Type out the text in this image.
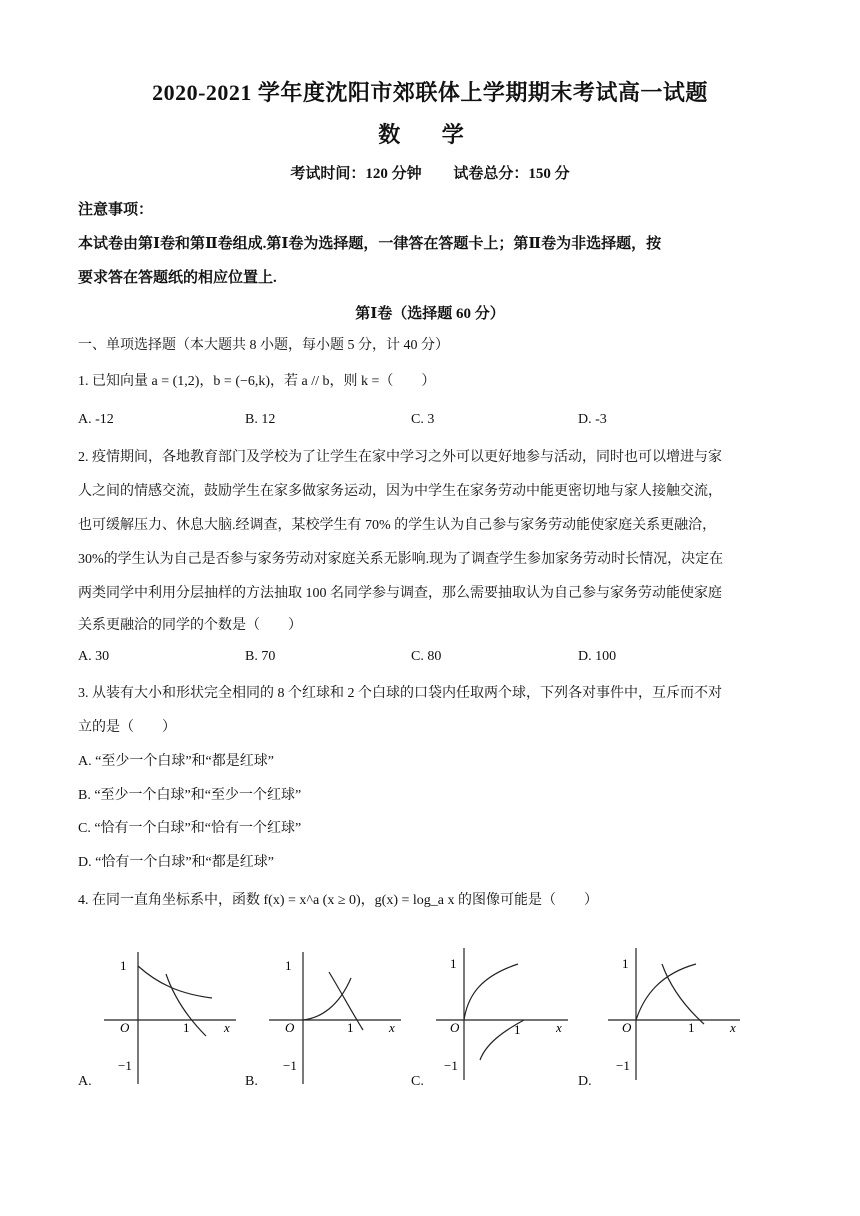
2020-2021 学年度沈阳市郊联体上学期期末考试高一试题
数 学
考试时间：120 分钟 试卷总分：150 分
注意事项：
本试卷由第Ⅰ卷和第Ⅱ卷组成.第Ⅰ卷为选择题，一律答在答题卡上；第Ⅱ卷为非选择题，按
要求答在答题纸的相应位置上.
第Ⅰ卷（选择题 60 分）
一、单项选择题（本大题共 8 小题，每小题 5 分，计 40 分）
1. 已知向量 a = (1,2)，b = (−6,k)，若 a // b，则 k =（　　）
A. -12	B. 12	C. 3	D. -3
2. 疫情期间，各地教育部门及学校为了让学生在家中学习之外可以更好地参与活动，同时也可以增进与家
人之间的情感交流，鼓励学生在家多做家务运动，因为中学生在家务劳动中能更密切地与家人接触交流，
也可缓解压力、休息大脑.经调查，某校学生有 70% 的学生认为自己参与家务劳动能使家庭关系更融洽，
30%的学生认为自己是否参与家务劳动对家庭关系无影响.现为了调查学生参加家务劳动时长情况，决定在
两类同学中利用分层抽样的方法抽取 100 名同学参与调查，那么需要抽取认为自己参与家务劳动能使家庭
关系更融洽的同学的个数是（　　）
A. 30	B. 70	C. 80	D. 100
3. 从装有大小和形状完全相同的 8 个红球和 2 个白球的口袋内任取两个球，下列各对事件中，互斥而不对
立的是（　　）
A. “至少一个白球”和“都是红球”
B. “至少一个白球”和“至少一个红球”
C. “恰有一个白球”和“恰有一个红球”
D. “恰有一个白球”和“都是红球”
4. 在同一直角坐标系中，函数 f(x) = x^a (x ≥ 0)，g(x) = log_a x 的图像可能是（　　）
1
O	1	x
−1
A.
1
O	1	x
−1
B.
1
O	1	x
−1
C.
1
O	1	x
−1
D.
